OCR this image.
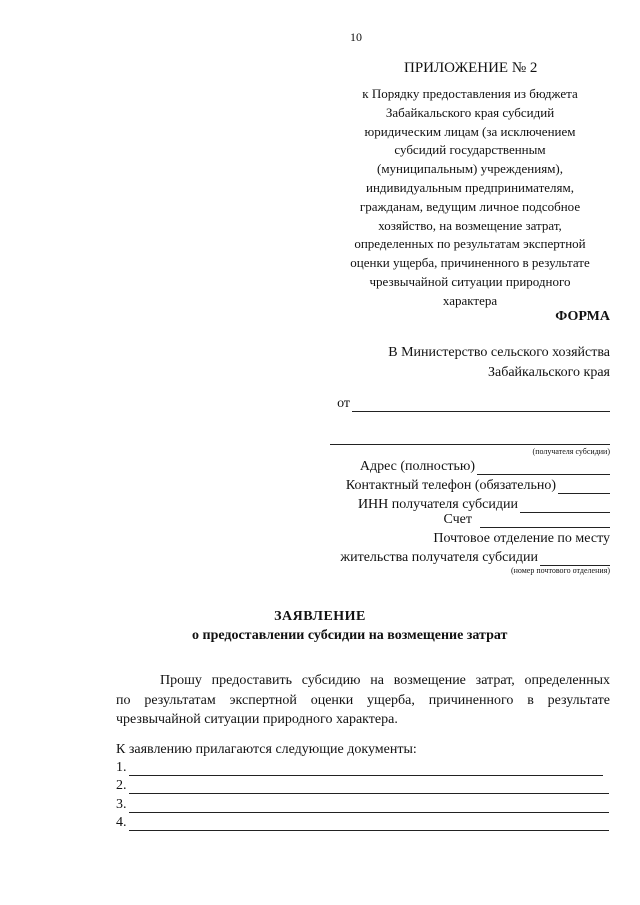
10
ПРИЛОЖЕНИЕ № 2
к Порядку предоставления из бюджета
Забайкальского края субсидий
юридическим лицам (за исключением
субсидий государственным
(муниципальным) учреждениям),
индивидуальным предпринимателям,
гражданам, ведущим личное подсобное
хозяйство, на возмещение затрат,
определенных по результатам экспертной
оценки ущерба, причиненного в результате
чрезвычайной ситуации природного
характера
ФОРМА
В Министерство сельского хозяйства
Забайкальского края
от
(получателя субсидии)
Адрес (полностью)
Контактный телефон (обязательно)
ИНН получателя субсидии
Счет
Почтовое отделение по месту
жительства получателя субсидии
(номер почтового отделения)
ЗАЯВЛЕНИЕ
о предоставлении субсидии на возмещение затрат
Прошу предоставить субсидию на возмещение затрат, определенных
по результатам экспертной оценки ущерба, причиненного в результате
чрезвычайной ситуации природного характера.
К заявлению прилагаются следующие документы:
1.
2.
3.
4.
